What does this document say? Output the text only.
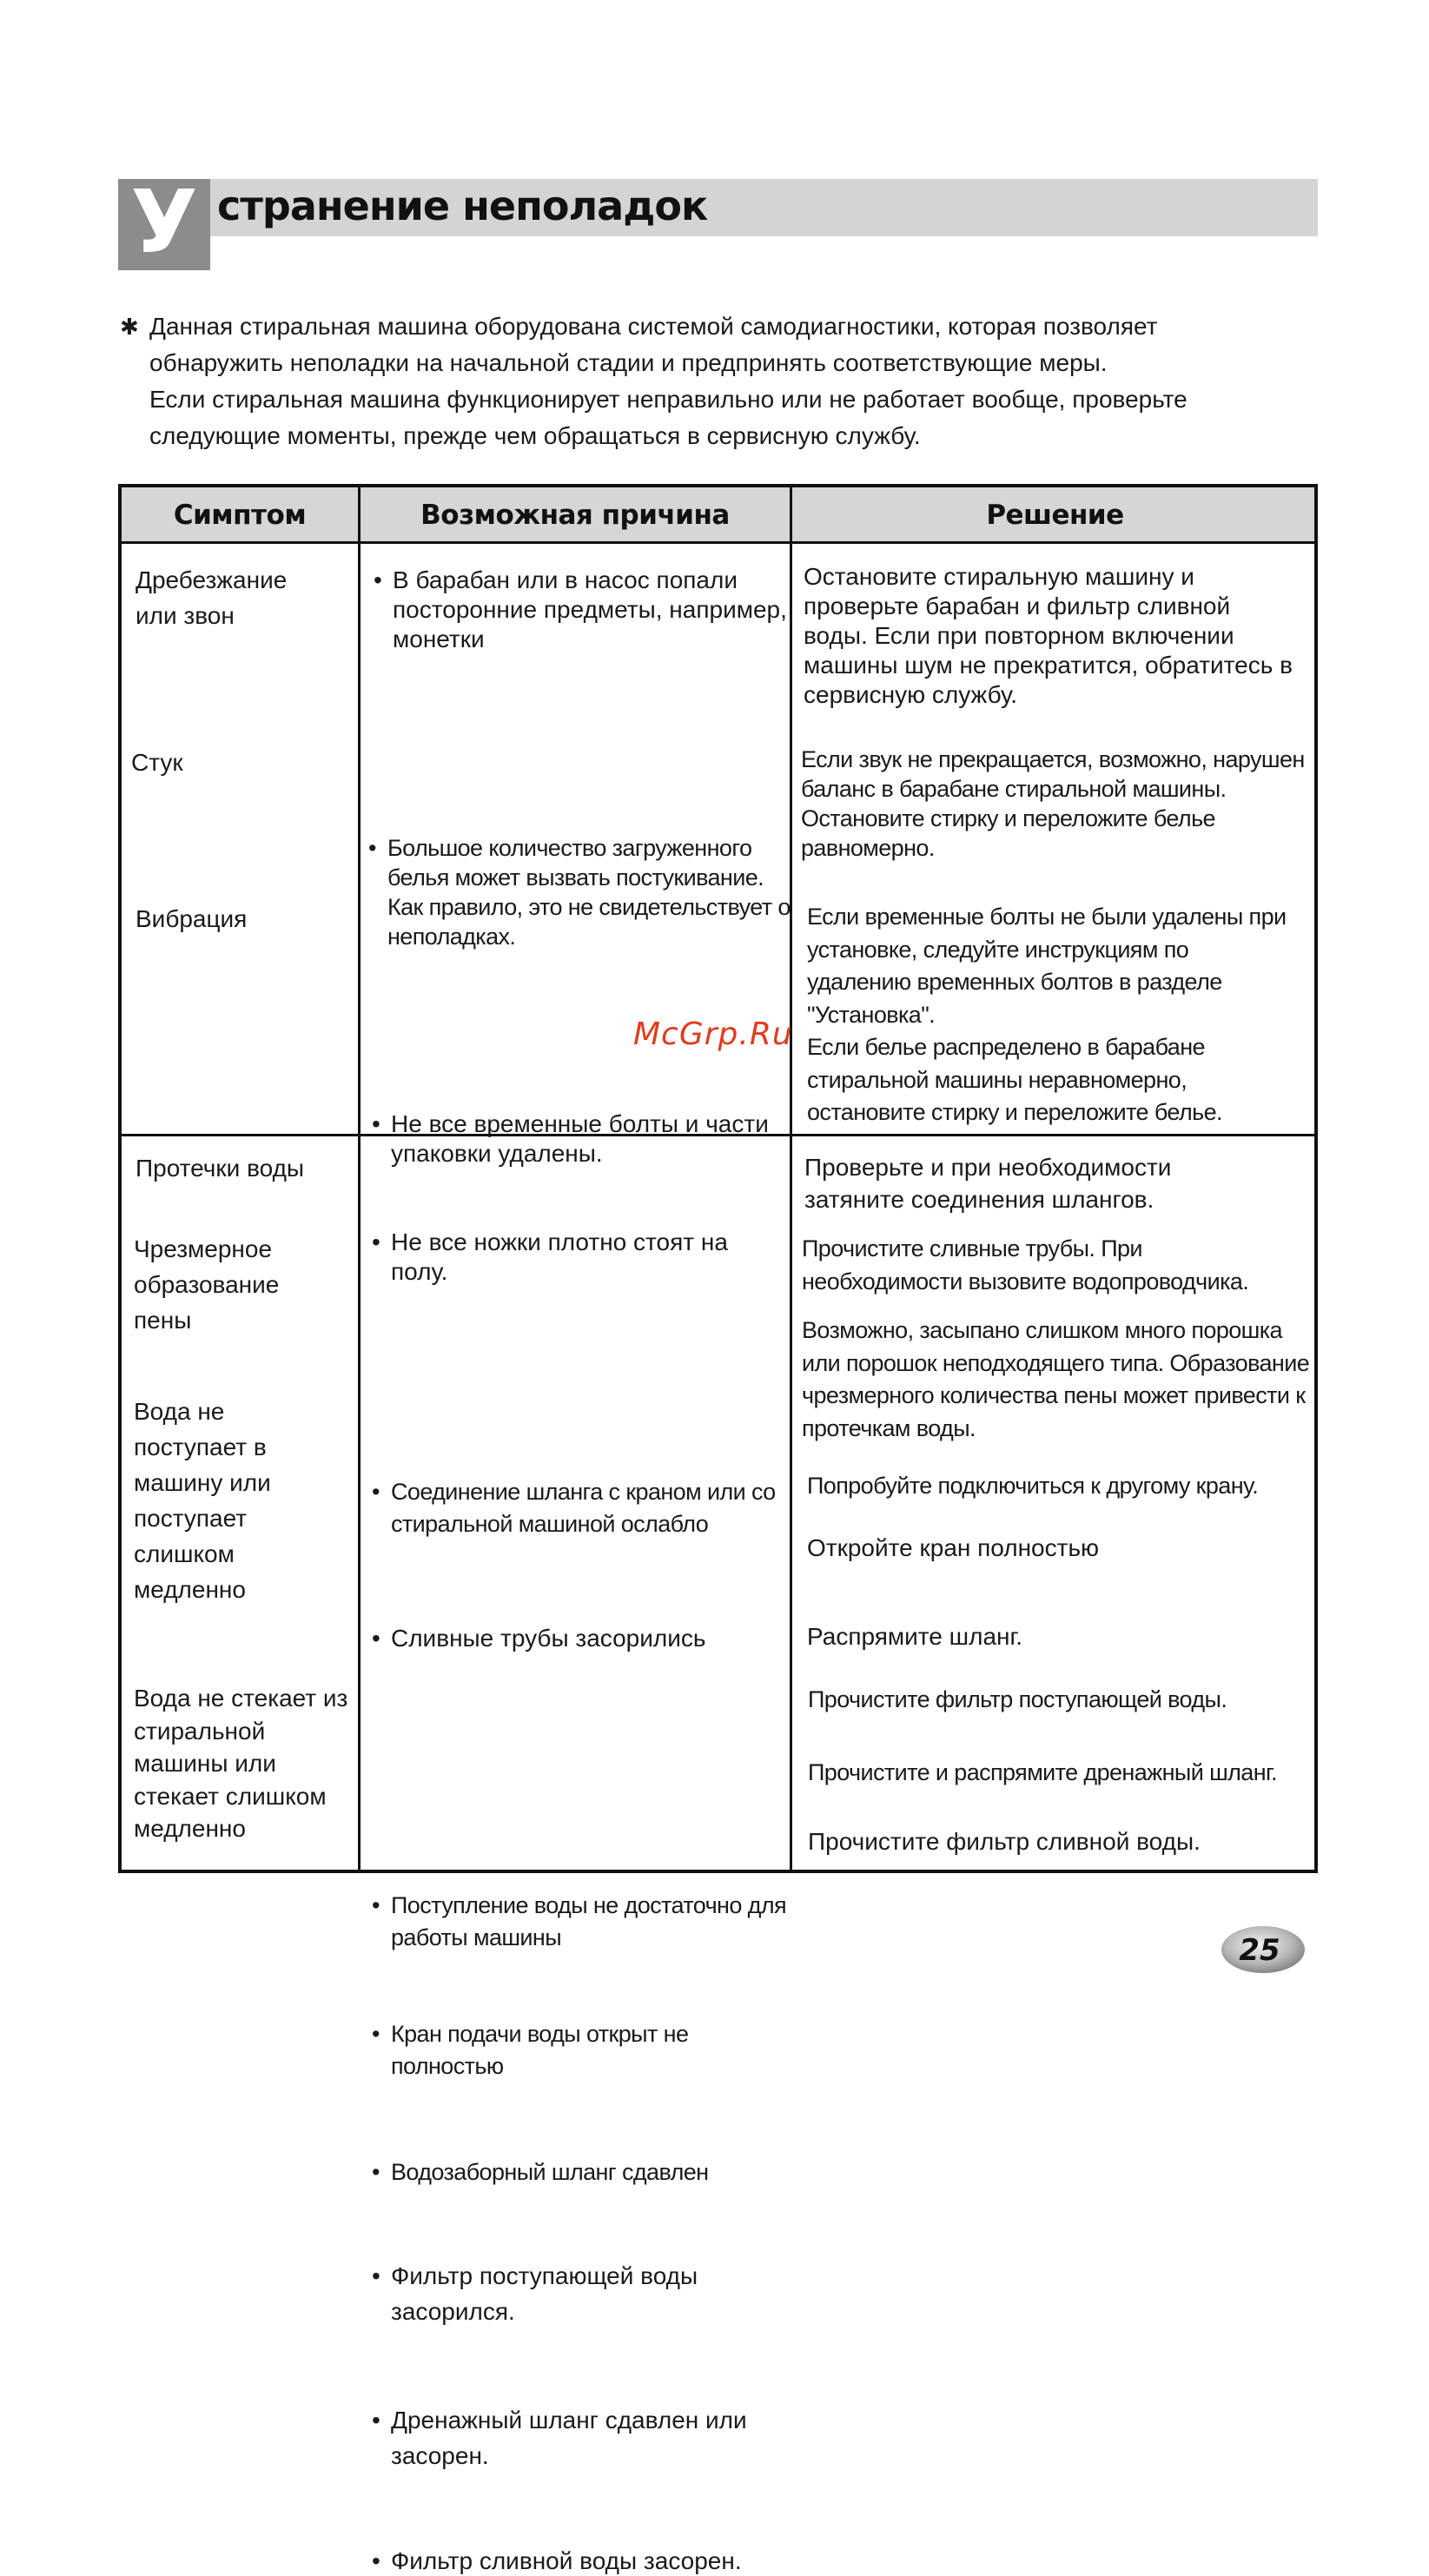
У странение неполадок
✱ Данная стиральная машина оборудована системой самодиагностики, которая позволяет
обнаружить неполадки на начальной стадии и предпринять соответствующие меры.
Если стиральная машина функционирует неправильно или не работает вообще, проверьте
следующие моменты, прежде чем обращаться в сервисную службу.
Симптом	Возможная причина	Решение
Дребезжание или звон
• В барабан или в насос попали посторонние предметы, например, монетки
Остановите стиральную машину и проверьте барабан и фильтр сливной воды. Если при повторном включении машины шум не прекратится, обратитесь в сервисную службу.
Стук
• Большое количество загруженного белья может вызвать постукивание. Как правило, это не свидетельствует о неполадках.
Если звук не прекращается, возможно, нарушен баланс в барабане стиральной машины. Остановите стирку и переложите белье равномерно.
Вибрация
• Не все временные болты и части упаковки удалены.
• Не все ножки плотно стоят на полу.
Если временные болты не были удалены при установке, следуйте инструкциям по удалению временных болтов в разделе "Установка".
Если белье распределено в барабане стиральной машины неравномерно, остановите стирку и переложите белье.
Протечки воды
• Соединение шланга с краном или со стиральной машиной ослабло
Проверьте и при необходимости затяните соединения шлангов.
Чрезмерное образование пены
• Сливные трубы засорились
Прочистите сливные трубы. При необходимости вызовите водопроводчика.
Возможно, засыпано слишком много порошка или порошок неподходящего типа. Образование чрезмерного количества пены может привести к протечкам воды.
Вода не поступает в машину или поступает слишком медленно
• Поступление воды не достаточно для работы машины
• Кран подачи воды открыт не полностью
• Водозаборный шланг сдавлен
Попробуйте подключиться к другому крану.
Откройте кран полностью
Распрямите шланг.
Вода не стекает из стиральной машины или стекает слишком медленно
• Фильтр поступающей воды засорился.
• Дренажный шланг сдавлен или засорен.
• Фильтр сливной воды засорен.
Прочистите фильтр поступающей воды.
Прочистите и распрямите дренажный шланг.
Прочистите фильтр сливной воды.
McGrp.Ru
25
